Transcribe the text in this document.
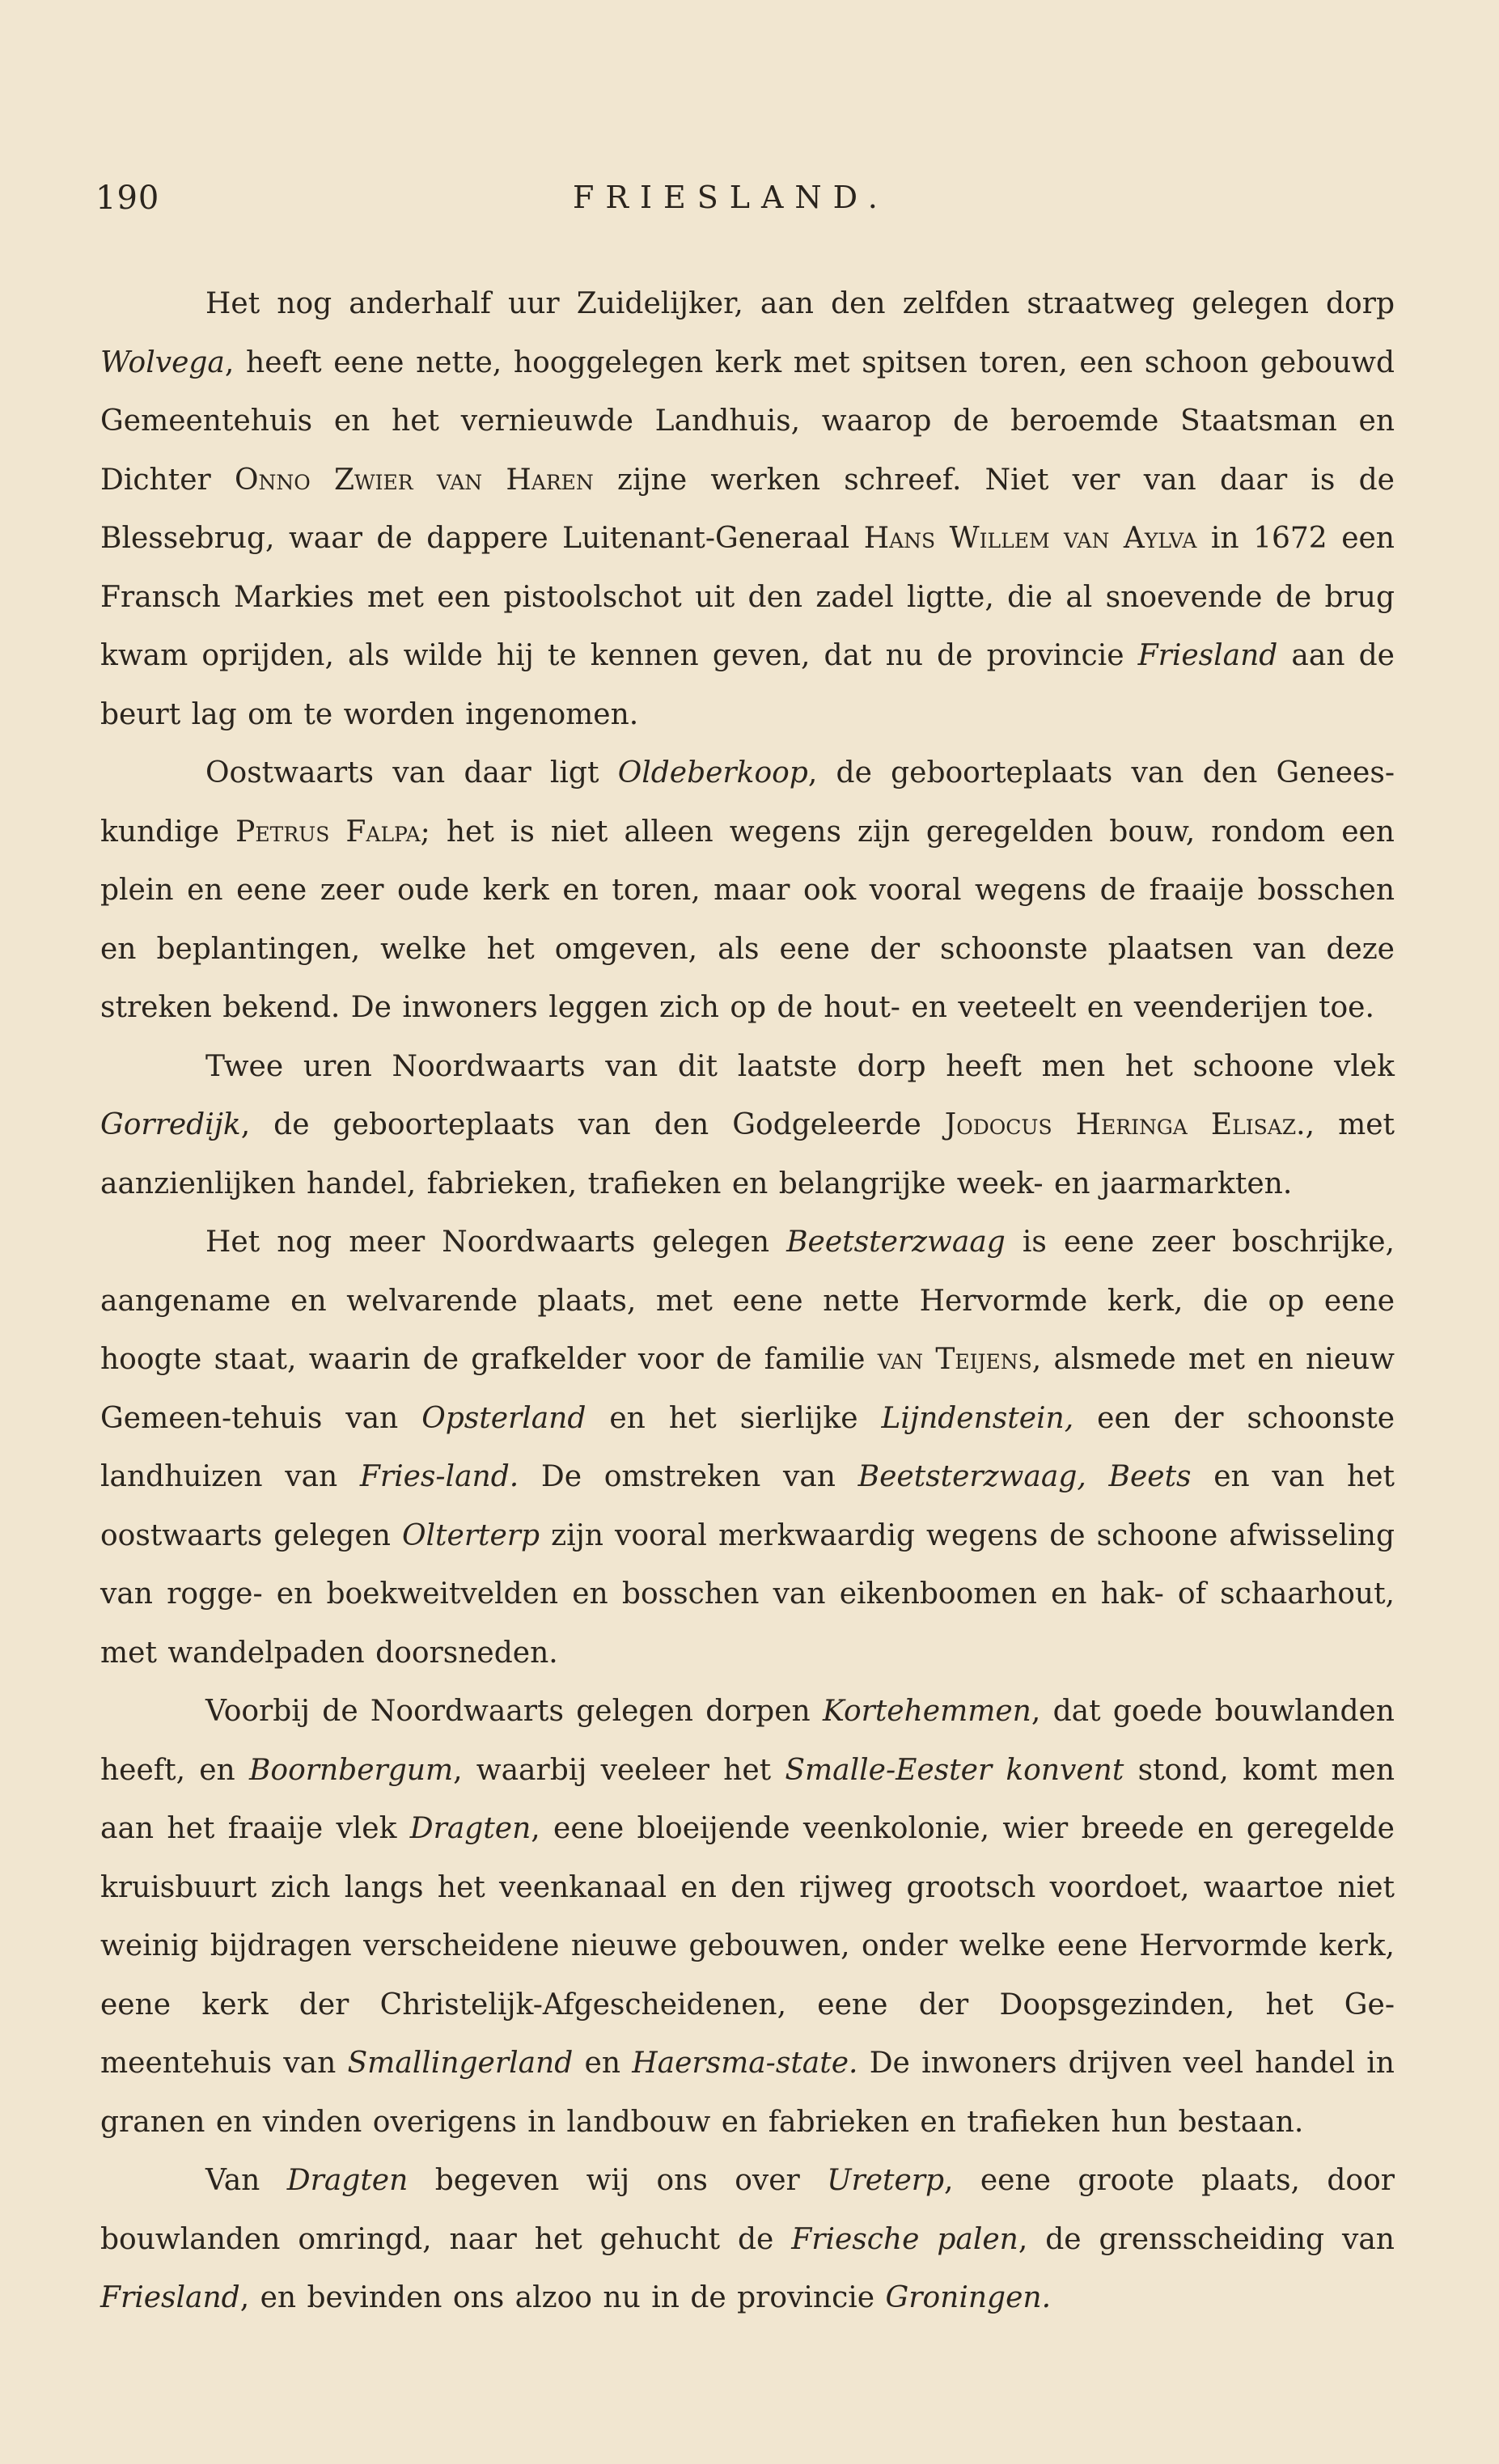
190	FRIESLAND.

Het nog anderhalf uur Zuidelijker, aan den zelfden straatweg gelegen dorp Wolvega, heeft eene nette, hooggelegen kerk met spitsen toren, een schoon gebouwd Gemeentehuis en het vernieuwde Landhuis, waarop de beroemde Staatsman en Dichter Onno Zwier van Haren zijne werken schreef. Niet ver van daar is de Blessebrug, waar de dappere Luitenant-Generaal Hans Willem van Aylva in 1672 een Fransch Markies met een pistoolschot uit den zadel ligtte, die al snoevende de brug kwam oprijden, als wilde hij te kennen geven, dat nu de provincie Friesland aan de beurt lag om te worden ingenomen.

Oostwaarts van daar ligt Oldeberkoop, de geboorteplaats van den Genees-kundige Petrus Falpa; het is niet alleen wegens zijn geregelden bouw, rondom een plein en eene zeer oude kerk en toren, maar ook vooral wegens de fraaije bosschen en beplantingen, welke het omgeven, als eene der schoonste plaatsen van deze streken bekend. De inwoners leggen zich op de hout- en veeteelt en veenderijen toe.

Twee uren Noordwaarts van dit laatste dorp heeft men het schoone vlek Gorredijk, de geboorteplaats van den Godgeleerde Jodocus Heringa Elisaz., met aanzienlijken handel, fabrieken, trafieken en belangrijke week- en jaarmarkten.

Het nog meer Noordwaarts gelegen Beetsterzwaag is eene zeer boschrijke, aangename en welvarende plaats, met eene nette Hervormde kerk, die op eene hoogte staat, waarin de grafkelder voor de familie van Teijens, alsmede met en nieuw Gemeen-tehuis van Opsterland en het sierlijke Lijndenstein, een der schoonste landhuizen van Fries-land. De omstreken van Beetsterzwaag, Beets en van het oostwaarts gelegen Olterterp zijn vooral merkwaardig wegens de schoone afwisseling van rogge- en boekweitvelden en bosschen van eikenboomen en hak- of schaarhout, met wandelpaden doorsneden.

Voorbij de Noordwaarts gelegen dorpen Kortehemmen, dat goede bouwlanden heeft, en Boornbergum, waarbij veeleer het Smalle-Eester konvent stond, komt men aan het fraaije vlek Dragten, eene bloeijende veenkolonie, wier breede en geregelde kruisbuurt zich langs het veenkanaal en den rijweg grootsch voordoet, waartoe niet weinig bijdragen verscheidene nieuwe gebouwen, onder welke eene Hervormde kerk, eene kerk der Christelijk-Afgescheidenen, eene der Doopsgezinden, het Ge-meentehuis van Smallingerland en Haersma-state. De inwoners drijven veel handel in granen en vinden overigens in landbouw en fabrieken en trafieken hun bestaan.

Van Dragten begeven wij ons over Ureterp, eene groote plaats, door bouwlanden omringd, naar het gehucht de Friesche palen, de grensscheiding van Friesland, en bevinden ons alzoo nu in de provincie Groningen.
